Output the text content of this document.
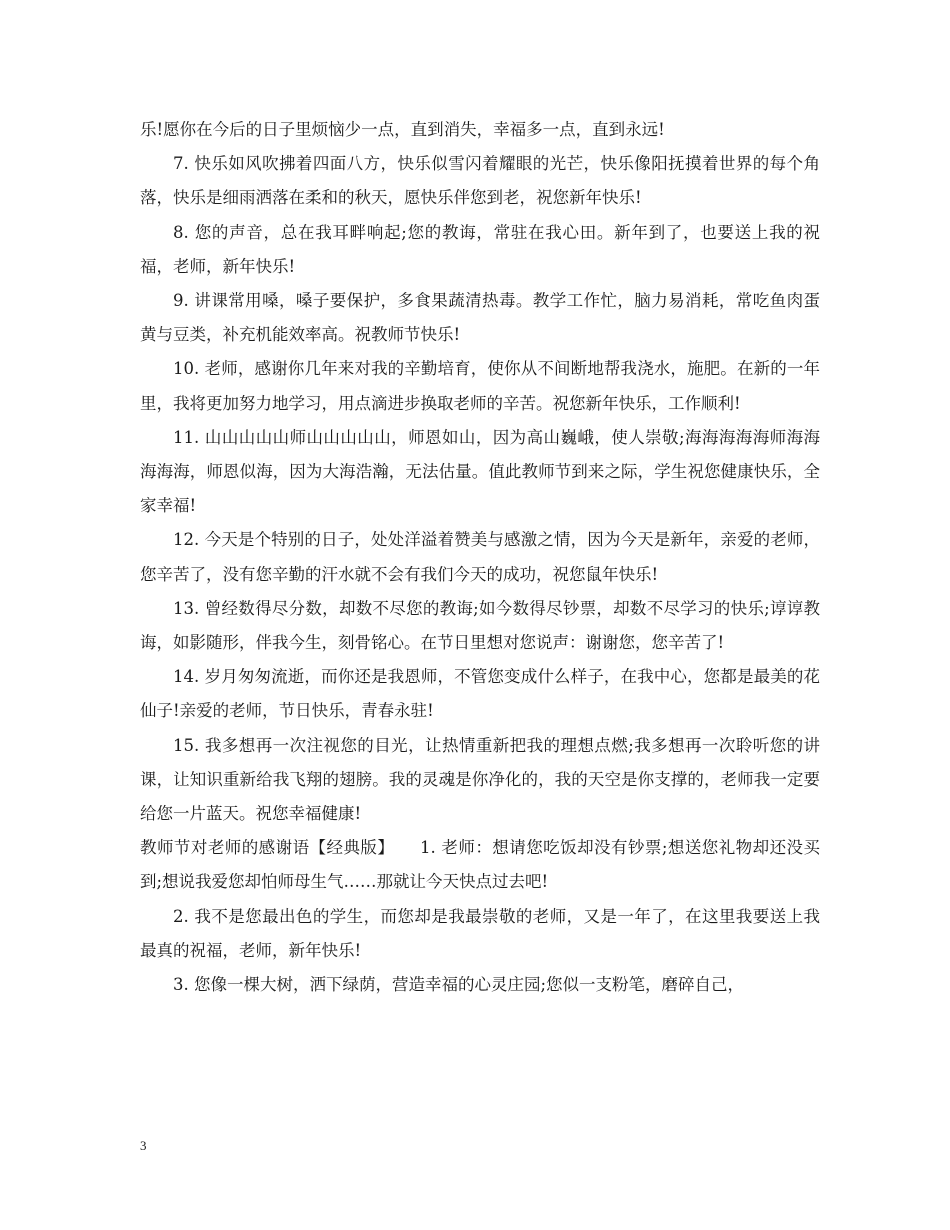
乐!愿你在今后的日子里烦恼少一点，直到消失，幸福多一点，直到永远!

7. 快乐如风吹拂着四面八方，快乐似雪闪着耀眼的光芒，快乐像阳抚摸着世界的每个角落，快乐是细雨洒落在柔和的秋天，愿快乐伴您到老，祝您新年快乐!

8. 您的声音，总在我耳畔响起;您的教诲，常驻在我心田。新年到了，也要送上我的祝福，老师，新年快乐!

9. 讲课常用嗓，嗓子要保护，多食果蔬清热毒。教学工作忙，脑力易消耗，常吃鱼肉蛋黄与豆类，补充机能效率高。祝教师节快乐!

10. 老师，感谢你几年来对我的辛勤培育，使你从不间断地帮我浇水，施肥。在新的一年里，我将更加努力地学习，用点滴进步换取老师的辛苦。祝您新年快乐，工作顺利!

11. 山山山山山师山山山山山，师恩如山，因为高山巍峨，使人崇敬;海海海海海师海海海海海，师恩似海，因为大海浩瀚，无法估量。值此教师节到来之际，学生祝您健康快乐，全家幸福!

12. 今天是个特别的日子，处处洋溢着赞美与感激之情，因为今天是新年，亲爱的老师，您辛苦了，没有您辛勤的汗水就不会有我们今天的成功，祝您鼠年快乐!

13. 曾经数得尽分数，却数不尽您的教诲;如今数得尽钞票，却数不尽学习的快乐;谆谆教诲，如影随形，伴我今生，刻骨铭心。在节日里想对您说声：谢谢您，您辛苦了!

14. 岁月匆匆流逝，而你还是我恩师，不管您变成什么样子，在我中心，您都是最美的花仙子!亲爱的老师，节日快乐，青春永驻!

15. 我多想再一次注视您的目光，让热情重新把我的理想点燃;我多想再一次聆听您的讲课，让知识重新给我飞翔的翅膀。我的灵魂是你净化的，我的天空是你支撑的，老师我一定要给您一片蓝天。祝您幸福健康!

教师节对老师的感谢语【经典版】　　1. 老师：想请您吃饭却没有钞票;想送您礼物却还没买到;想说我爱您却怕师母生气……那就让今天快点过去吧!

2. 我不是您最出色的学生，而您却是我最崇敬的老师，又是一年了，在这里我要送上我最真的祝福，老师，新年快乐!

3. 您像一棵大树，洒下绿荫，营造幸福的心灵庄园;您似一支粉笔，磨碎自己，

3
